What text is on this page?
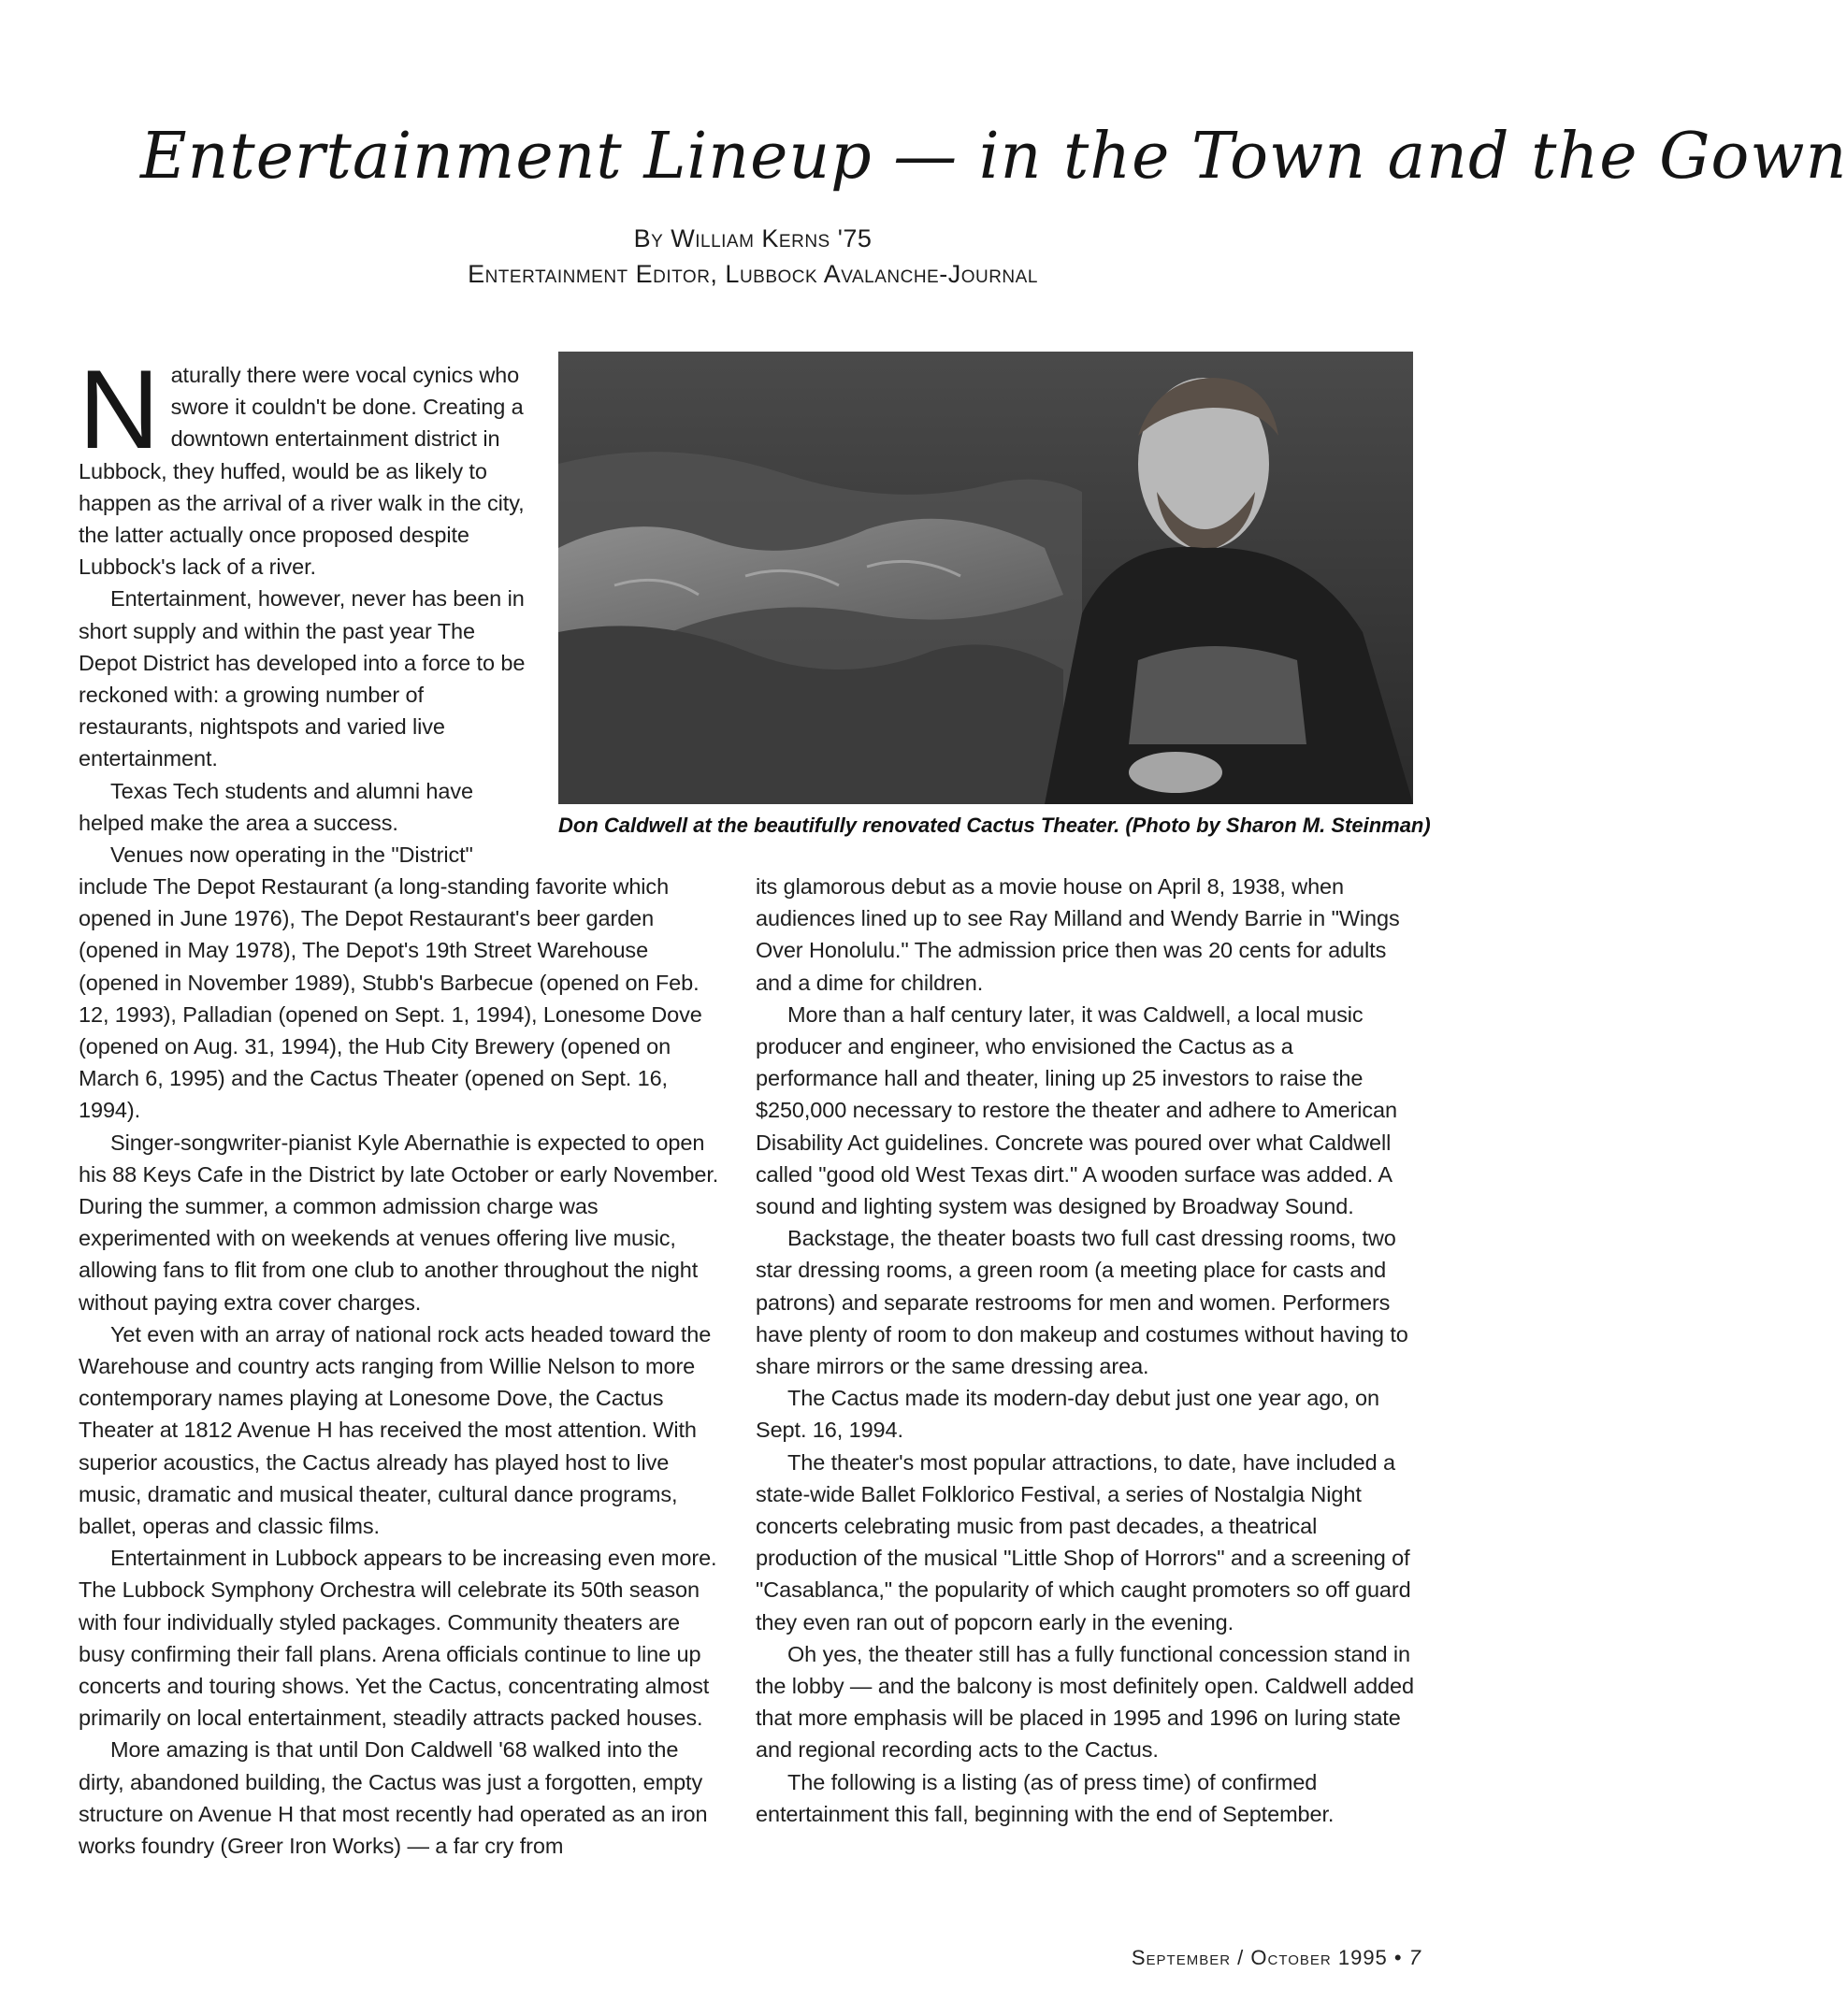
Entertainment Lineup — in the Town and the Gown
By William Kerns '75
Entertainment Editor, Lubbock Avalanche-Journal

Naturally there were vocal cynics who swore it couldn't be done. Creating a downtown entertainment district in Lubbock, they huffed, would be as likely to happen as the arrival of a river walk in the city, the latter actually once proposed despite Lubbock's lack of a river.

Entertainment, however, never has been in short supply and within the past year The Depot District has developed into a force to be reckoned with: a growing number of restaurants, nightspots and varied live entertainment.

Texas Tech students and alumni have helped make the area a success.

Venues now operating in the "District"

Don Caldwell at the beautifully renovated Cactus Theater. (Photo by Sharon M. Steinman)

include The Depot Restaurant (a long-standing favorite which opened in June 1976), The Depot Restaurant's beer garden (opened in May 1978), The Depot's 19th Street Warehouse (opened in November 1989), Stubb's Barbecue (opened on Feb. 12, 1993), Palladian (opened on Sept. 1, 1994), Lonesome Dove (opened on Aug. 31, 1994), the Hub City Brewery (opened on March 6, 1995) and the Cactus Theater (opened on Sept. 16, 1994).

Singer-songwriter-pianist Kyle Abernathie is expected to open his 88 Keys Cafe in the District by late October or early November. During the summer, a common admission charge was experimented with on weekends at venues offering live music, allowing fans to flit from one club to another throughout the night without paying extra cover charges.

Yet even with an array of national rock acts headed toward the Warehouse and country acts ranging from Willie Nelson to more contemporary names playing at Lonesome Dove, the Cactus Theater at 1812 Avenue H has received the most attention. With superior acoustics, the Cactus already has played host to live music, dramatic and musical theater, cultural dance programs, ballet, operas and classic films.

Entertainment in Lubbock appears to be increasing even more. The Lubbock Symphony Orchestra will celebrate its 50th season with four individually styled packages. Community theaters are busy confirming their fall plans. Arena officials continue to line up concerts and touring shows. Yet the Cactus, concentrating almost primarily on local entertainment, steadily attracts packed houses.

More amazing is that until Don Caldwell '68 walked into the dirty, abandoned building, the Cactus was just a forgotten, empty structure on Avenue H that most recently had operated as an iron works foundry (Greer Iron Works) — a far cry from

its glamorous debut as a movie house on April 8, 1938, when audiences lined up to see Ray Milland and Wendy Barrie in "Wings Over Honolulu." The admission price then was 20 cents for adults and a dime for children.

More than a half century later, it was Caldwell, a local music producer and engineer, who envisioned the Cactus as a performance hall and theater, lining up 25 investors to raise the $250,000 necessary to restore the theater and adhere to American Disability Act guidelines. Concrete was poured over what Caldwell called "good old West Texas dirt." A wooden surface was added. A sound and lighting system was designed by Broadway Sound.

Backstage, the theater boasts two full cast dressing rooms, two star dressing rooms, a green room (a meeting place for casts and patrons) and separate restrooms for men and women. Performers have plenty of room to don makeup and costumes without having to share mirrors or the same dressing area.

The Cactus made its modern-day debut just one year ago, on Sept. 16, 1994.

The theater's most popular attractions, to date, have included a state-wide Ballet Folklorico Festival, a series of Nostalgia Night concerts celebrating music from past decades, a theatrical production of the musical "Little Shop of Horrors" and a screening of "Casablanca," the popularity of which caught promoters so off guard they even ran out of popcorn early in the evening.

Oh yes, the theater still has a fully functional concession stand in the lobby — and the balcony is most definitely open. Caldwell added that more emphasis will be placed in 1995 and 1996 on luring state and regional recording acts to the Cactus.

The following is a listing (as of press time) of confirmed entertainment this fall, beginning with the end of September.

September / October 1995 • 7
